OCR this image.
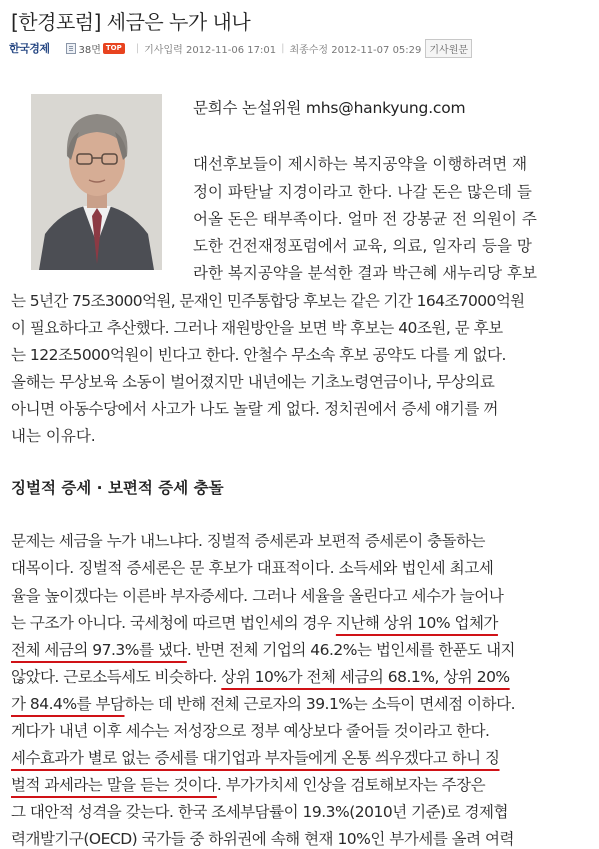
[한경포럼] 세금은 누가 내나
한국경제	38면 TOP	| 기사입력 2012-11-06 17:01 | 최종수정 2012-11-07 05:29 기사원문
문희수 논설위원 mhs@hankyung.com
대선후보들이 제시하는 복지공약을 이행하려면 재
정이 파탄날 지경이라고 한다. 나갈 돈은 많은데 들
어올 돈은 태부족이다. 얼마 전 강봉균 전 의원이 주
도한 건전재정포럼에서 교육, 의료, 일자리 등을 망
라한 복지공약을 분석한 결과 박근혜 새누리당 후보
는 5년간 75조3000억원, 문재인 민주통합당 후보는 같은 기간 164조7000억원
이 필요하다고 추산했다. 그러나 재원방안을 보면 박 후보는 40조원, 문 후보
는 122조5000억원이 빈다고 한다. 안철수 무소속 후보 공약도 다를 게 없다.
올해는 무상보육 소동이 벌어졌지만 내년에는 기초노령연금이나, 무상의료
아니면 아동수당에서 사고가 나도 놀랄 게 없다. 정치권에서 증세 얘기를 꺼
내는 이유다.
징벌적 증세 · 보편적 증세 충돌
문제는 세금을 누가 내느냐다. 징벌적 증세론과 보편적 증세론이 충돌하는
대목이다. 징벌적 증세론은 문 후보가 대표적이다. 소득세와 법인세 최고세
율을 높이겠다는 이른바 부자증세다. 그러나 세율을 올린다고 세수가 늘어나
는 구조가 아니다. 국세청에 따르면 법인세의 경우 지난해 상위 10% 업체가
전체 세금의 97.3%를 냈다. 반면 전체 기업의 46.2%는 법인세를 한푼도 내지
않았다. 근로소득세도 비슷하다. 상위 10%가 전체 세금의 68.1%, 상위 20%
가 84.4%를 부담하는 데 반해 전체 근로자의 39.1%는 소득이 면세점 이하다.
게다가 내년 이후 세수는 저성장으로 정부 예상보다 줄어들 것이라고 한다.
세수효과가 별로 없는 증세를 대기업과 부자들에게 온통 씌우겠다고 하니 징
벌적 과세라는 말을 듣는 것이다. 부가가치세 인상을 검토해보자는 주장은
그 대안적 성격을 갖는다. 한국 조세부담률이 19.3%(2010년 기준)로 경제협
력개발기구(OECD) 국가들 중 하위권에 속해 현재 10%인 부가세를 올려 여력
